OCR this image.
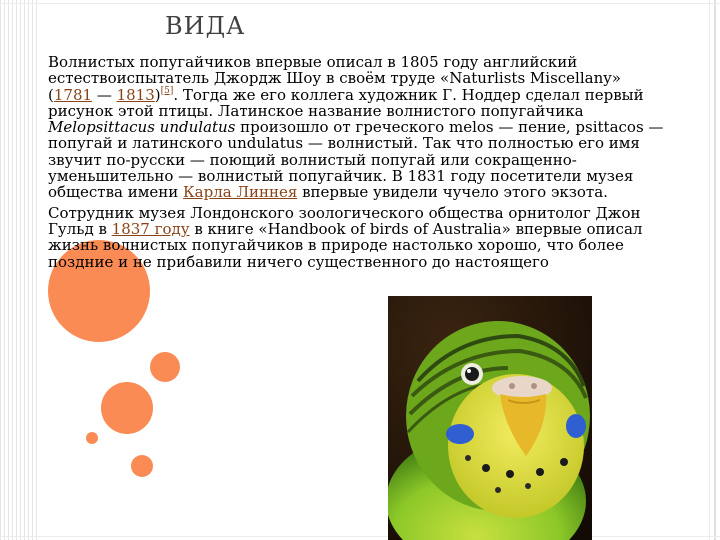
ВИДА

Волнистых попугайчиков впервые описал в 1805 году английский естествоиспытатель Джордж Шоу в своём труде «Naturlists Miscellany» (1781 — 1813)[5]. Тогда же его коллега художник Г. Ноддер сделал первый рисунок этой птицы. Латинское название волнистого попугайчика Melopsittacus undulatus произошло от греческого melos — пение, psittacos — попугай и латинского undulatus — волнистый. Так что полностью его имя звучит по-русски — поющий волнистый попугай или сокращенно-уменьшительно — волнистый попугайчик. В 1831 году посетители музея общества имени Карла Линнея впервые увидели чучело этого экзота.

Сотрудник музея Лондонского зоологического общества орнитолог Джон Гульд в 1837 году в книге «Handbook of birds of Australia» впервые описал жизнь волнистых попугайчиков в природе настолько хорошо, что более поздние и не прибавили ничего существенного до настоящего
